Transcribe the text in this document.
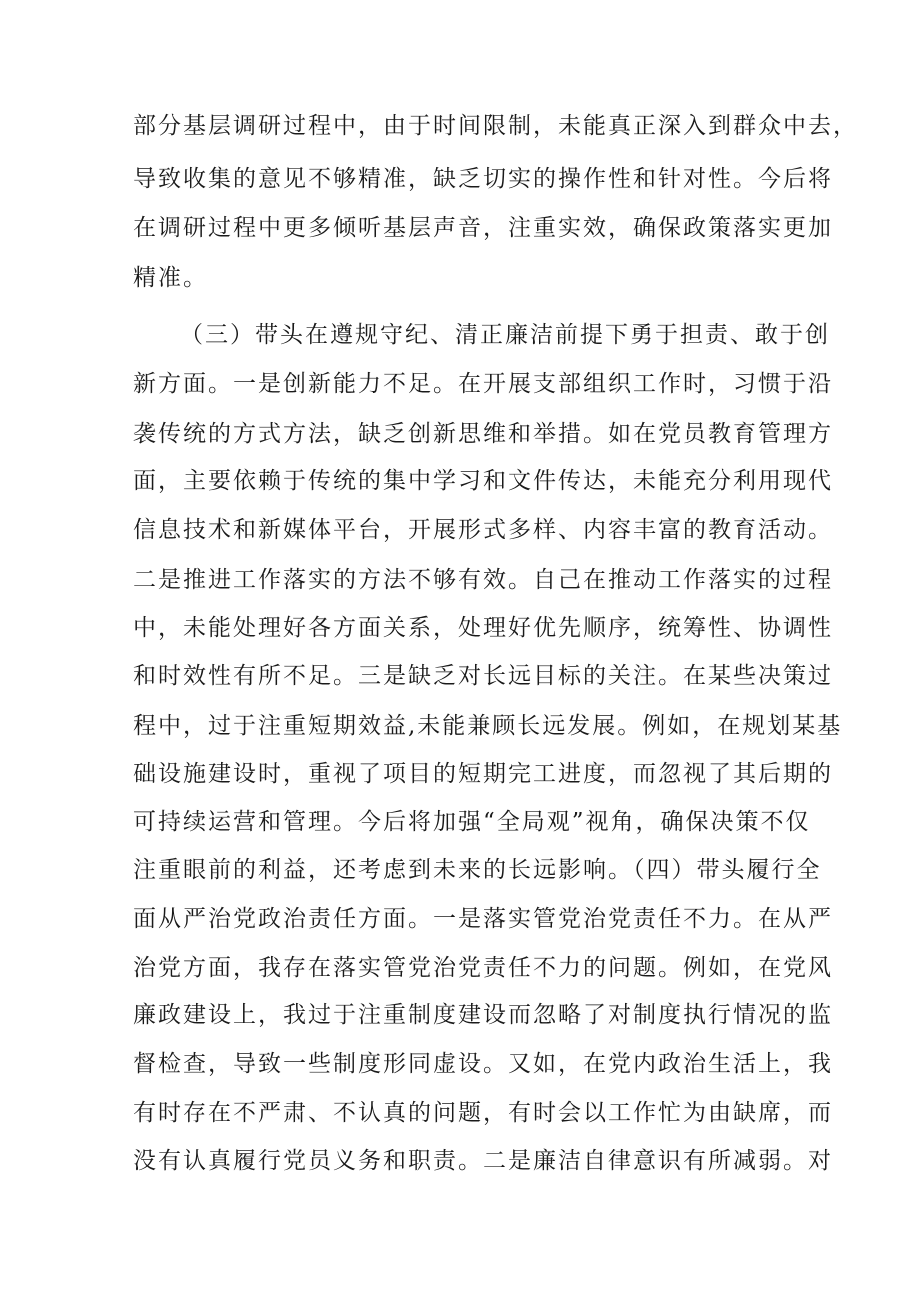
部分基层调研过程中，由于时间限制，未能真正深入到群众中去，
导致收集的意见不够精准，缺乏切实的操作性和针对性。今后将
在调研过程中更多倾听基层声音，注重实效，确保政策落实更加
精准。
（三）带头在遵规守纪、清正廉洁前提下勇于担责、敢于创
新方面。一是创新能力不足。在开展支部组织工作时，习惯于沿
袭传统的方式方法，缺乏创新思维和举措。如在党员教育管理方
面，主要依赖于传统的集中学习和文件传达，未能充分利用现代
信息技术和新媒体平台，开展形式多样、内容丰富的教育活动。
二是推进工作落实的方法不够有效。自己在推动工作落实的过程
中，未能处理好各方面关系，处理好优先顺序，统筹性、协调性
和时效性有所不足。三是缺乏对长远目标的关注。在某些决策过
程中，过于注重短期效益,未能兼顾长远发展。例如，在规划某基
础设施建设时，重视了项目的短期完工进度，而忽视了其后期的
可持续运营和管理。今后将加强“全局观”视角，确保决策不仅
注重眼前的利益，还考虑到未来的长远影响。（四）带头履行全
面从严治党政治责任方面。一是落实管党治党责任不力。在从严
治党方面，我存在落实管党治党责任不力的问题。例如，在党风
廉政建设上，我过于注重制度建设而忽略了对制度执行情况的监
督检查，导致一些制度形同虚设。又如，在党内政治生活上，我
有时存在不严肃、不认真的问题，有时会以工作忙为由缺席，而
没有认真履行党员义务和职责。二是廉洁自律意识有所减弱。对
